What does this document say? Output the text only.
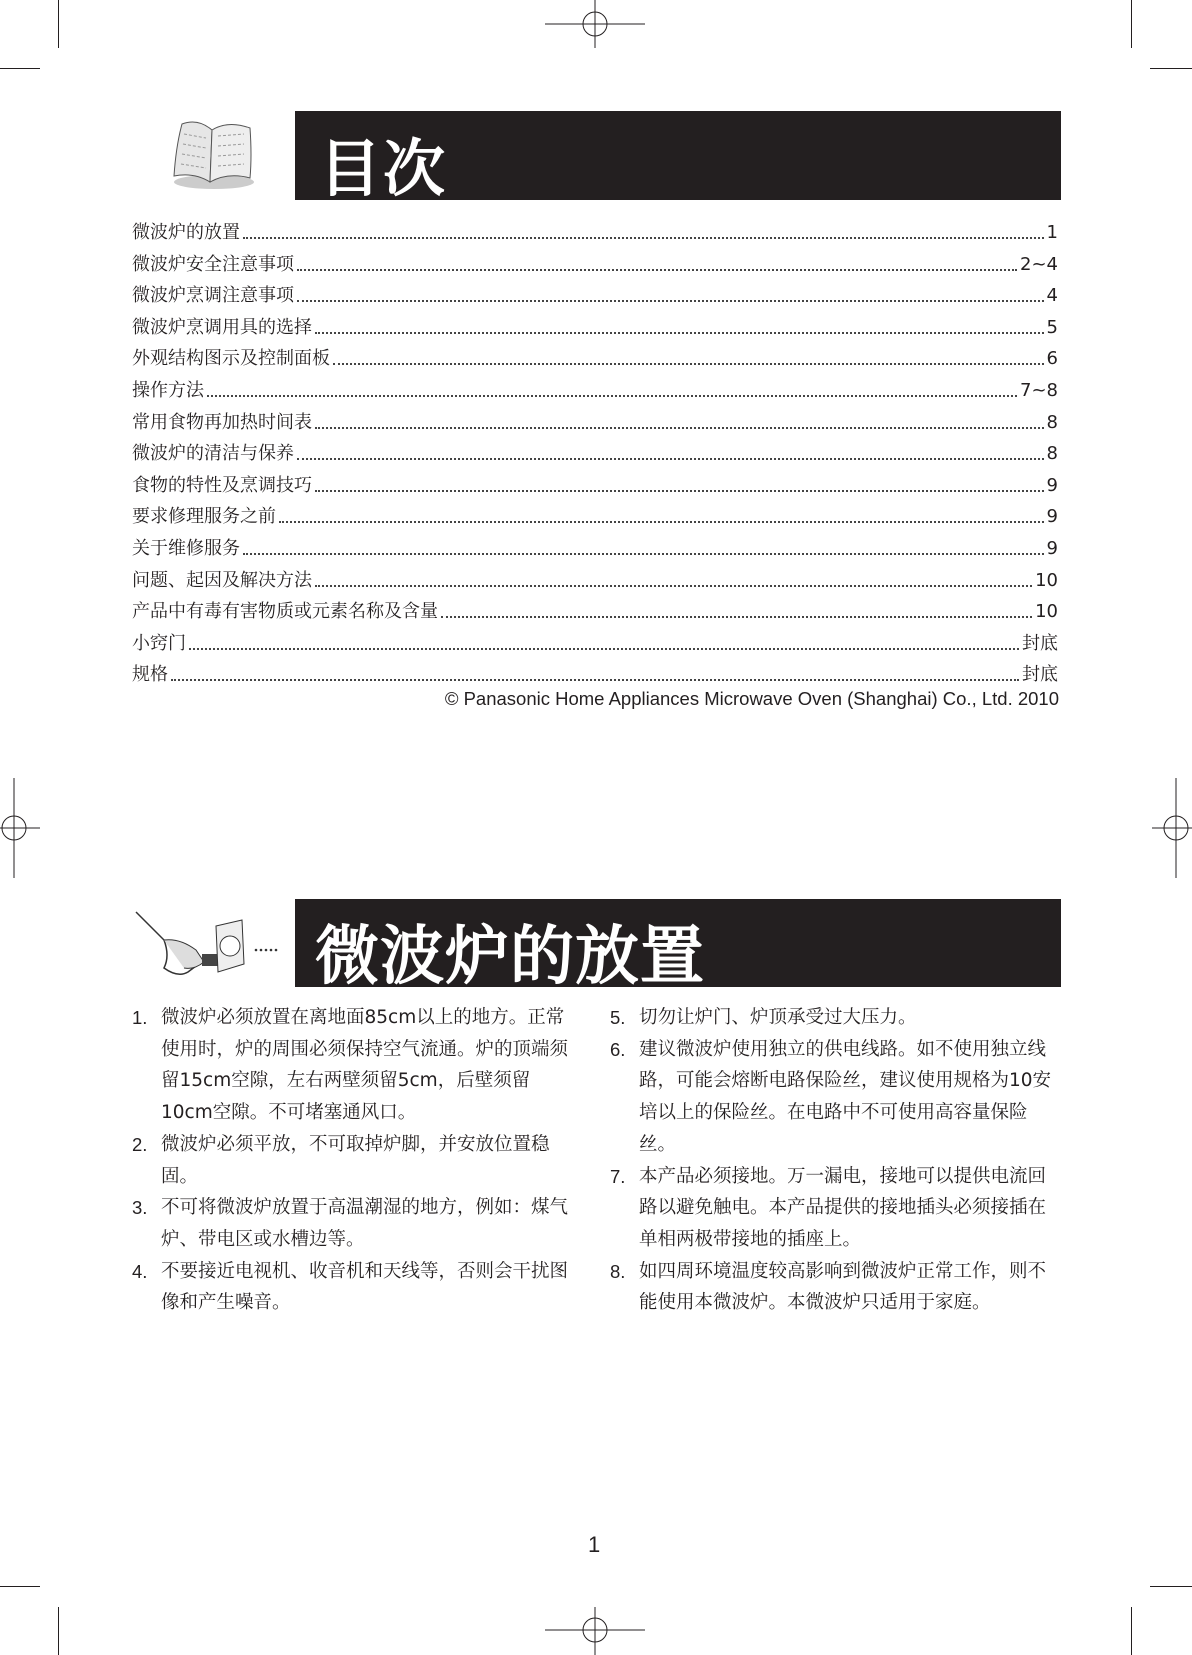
目次
微波炉的放置	1
微波炉安全注意事项	2~4
微波炉烹调注意事项	4
微波炉烹调用具的选择	5
外观结构图示及控制面板	6
操作方法	7~8
常用食物再加热时间表	8
微波炉的清洁与保养	8
食物的特性及烹调技巧	9
要求修理服务之前	9
关于维修服务	9
问题、起因及解决方法	10
产品中有毒有害物质或元素名称及含量	10
小窍门	封底
规格	封底
© Panasonic Home Appliances Microwave Oven (Shanghai) Co., Ltd. 2010
微波炉的放置
1. 微波炉必须放置在离地面85cm以上的地方。正常使用时，炉的周围必须保持空气流通。炉的顶端须留15cm空隙，左右两壁须留5cm，后壁须留10cm空隙。不可堵塞通风口。
2. 微波炉必须平放，不可取掉炉脚，并安放位置稳固。
3. 不可将微波炉放置于高温潮湿的地方，例如：煤气炉、带电区或水槽边等。
4. 不要接近电视机、收音机和天线等，否则会干扰图像和产生噪音。
5. 切勿让炉门、炉顶承受过大压力。
6. 建议微波炉使用独立的供电线路。如不使用独立线路，可能会熔断电路保险丝，建议使用规格为10安培以上的保险丝。在电路中不可使用高容量保险丝。
7. 本产品必须接地。万一漏电，接地可以提供电流回路以避免触电。本产品提供的接地插头必须接插在单相两极带接地的插座上。
8. 如四周环境温度较高影响到微波炉正常工作，则不能使用本微波炉。本微波炉只适用于家庭。
1
